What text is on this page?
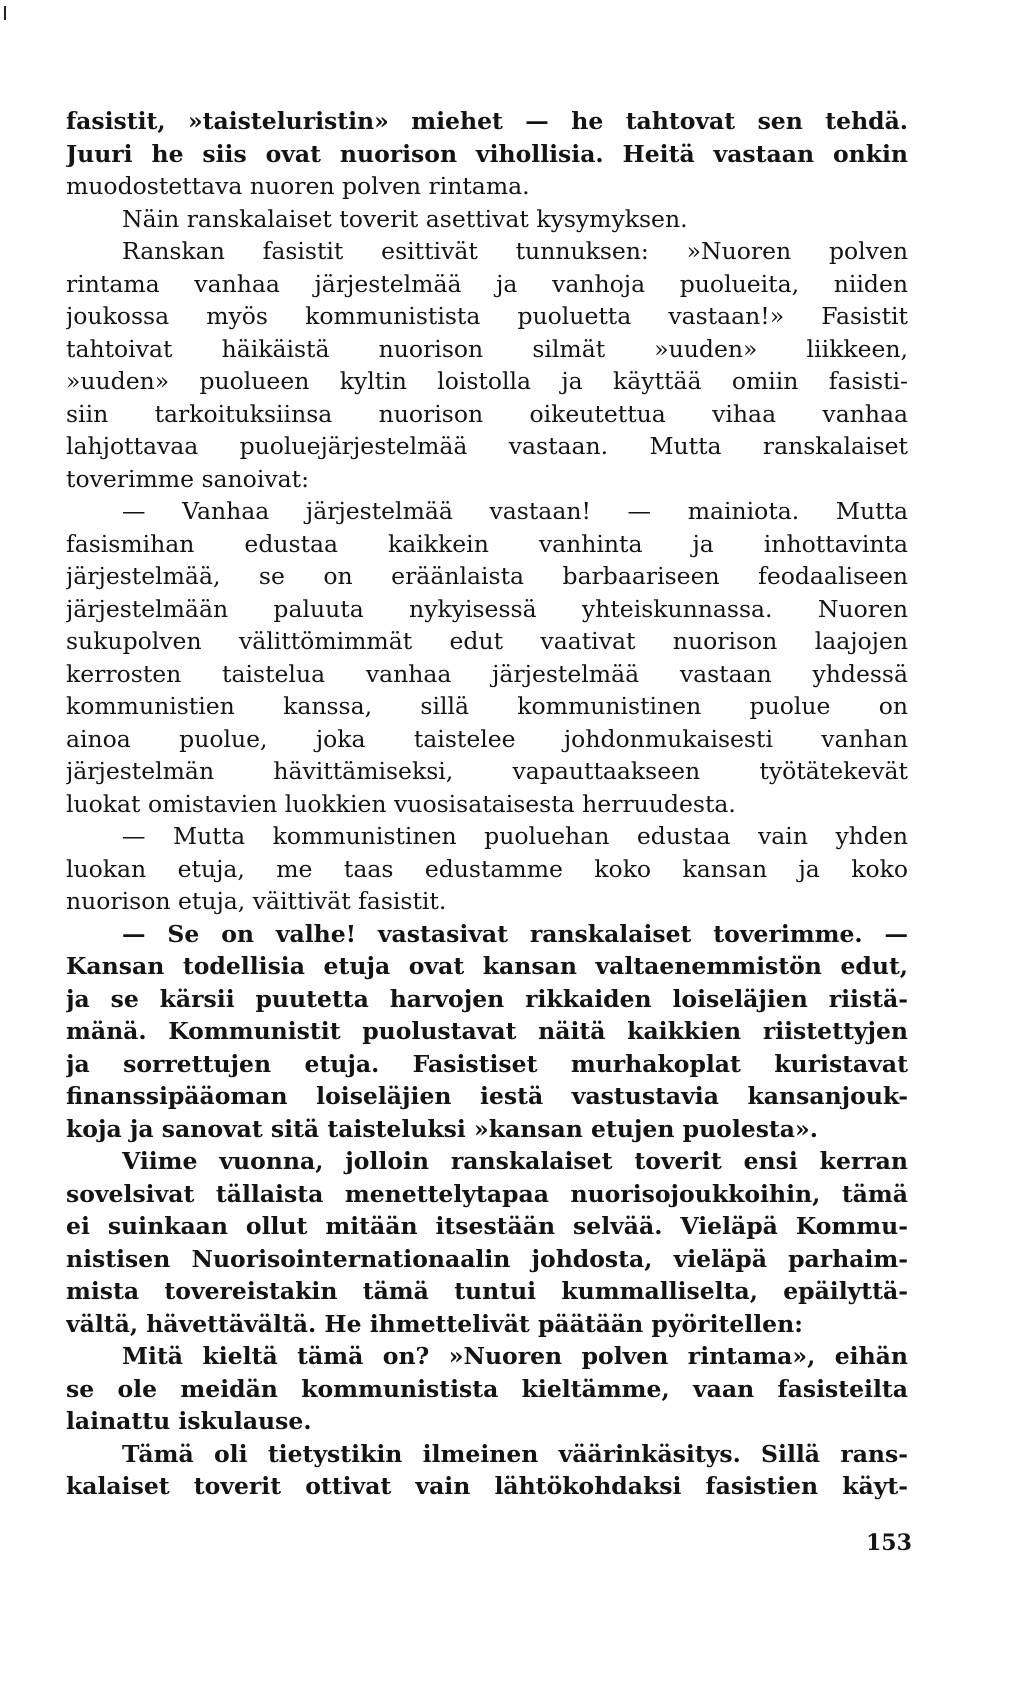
fasistit, »taisteluristin» miehet — he tahtovat sen tehdä.
Juuri he siis ovat nuorison vihollisia. Heitä vastaan onkin
muodostettava nuoren polven rintama.
Näin ranskalaiset toverit asettivat kysymyksen.
Ranskan fasistit esittivät tunnuksen: »Nuoren polven
rintama vanhaa järjestelmää ja vanhoja puolueita, niiden
joukossa myös kommunistista puoluetta vastaan!» Fasistit
tahtoivat häikäistä nuorison silmät »uuden» liikkeen,
»uuden» puolueen kyltin loistolla ja käyttää omiin fasisti-
siin tarkoituksiinsa nuorison oikeutettua vihaa vanhaa
lahjottavaa puoluejärjestelmää vastaan. Mutta ranskalaiset
toverimme sanoivat:
— Vanhaa järjestelmää vastaan! — mainiota. Mutta
fasismihan edustaa kaikkein vanhinta ja inhottavinta
järjestelmää, se on eräänlaista barbaariseen feodaaliseen
järjestelmään paluuta nykyisessä yhteiskunnassa. Nuoren
sukupolven välittömimmät edut vaativat nuorison laajojen
kerrosten taistelua vanhaa järjestelmää vastaan yhdessä
kommunistien kanssa, sillä kommunistinen puolue on
ainoa puolue, joka taistelee johdonmukaisesti vanhan
järjestelmän hävittämiseksi, vapauttaakseen työtätekevät
luokat omistavien luokkien vuosisataisesta herruudesta.
— Mutta kommunistinen puoluehan edustaa vain yhden
luokan etuja, me taas edustamme koko kansan ja koko
nuorison etuja, väittivät fasistit.
— Se on valhe! vastasivat ranskalaiset toverimme. —
Kansan todellisia etuja ovat kansan valtaenemmistön edut,
ja se kärsii puutetta harvojen rikkaiden loiseläjien riistä-
mänä. Kommunistit puolustavat näitä kaikkien riistettyjen
ja sorrettujen etuja. Fasistiset murhakoplat kuristavat
finanssipääoman loiseläjien iestä vastustavia kansanjouk-
koja ja sanovat sitä taisteluksi »kansan etujen puolesta».
Viime vuonna, jolloin ranskalaiset toverit ensi kerran
sovelsivat tällaista menettelytapaa nuorisojoukkoihin, tämä
ei suinkaan ollut mitään itsestään selvää. Vieläpä Kommu-
nistisen Nuorisointernationaalin johdosta, vieläpä parhaim-
mista tovereistakin tämä tuntui kummalliselta, epäilyttä-
vältä, hävettävältä. He ihmettelivät päätään pyöritellen:
Mitä kieltä tämä on? »Nuoren polven rintama», eihän
se ole meidän kommunistista kieltämme, vaan fasisteilta
lainattu iskulause.
Tämä oli tietystikin ilmeinen väärinkäsitys. Sillä rans-
kalaiset toverit ottivat vain lähtökohdaksi fasistien käyt-
153
